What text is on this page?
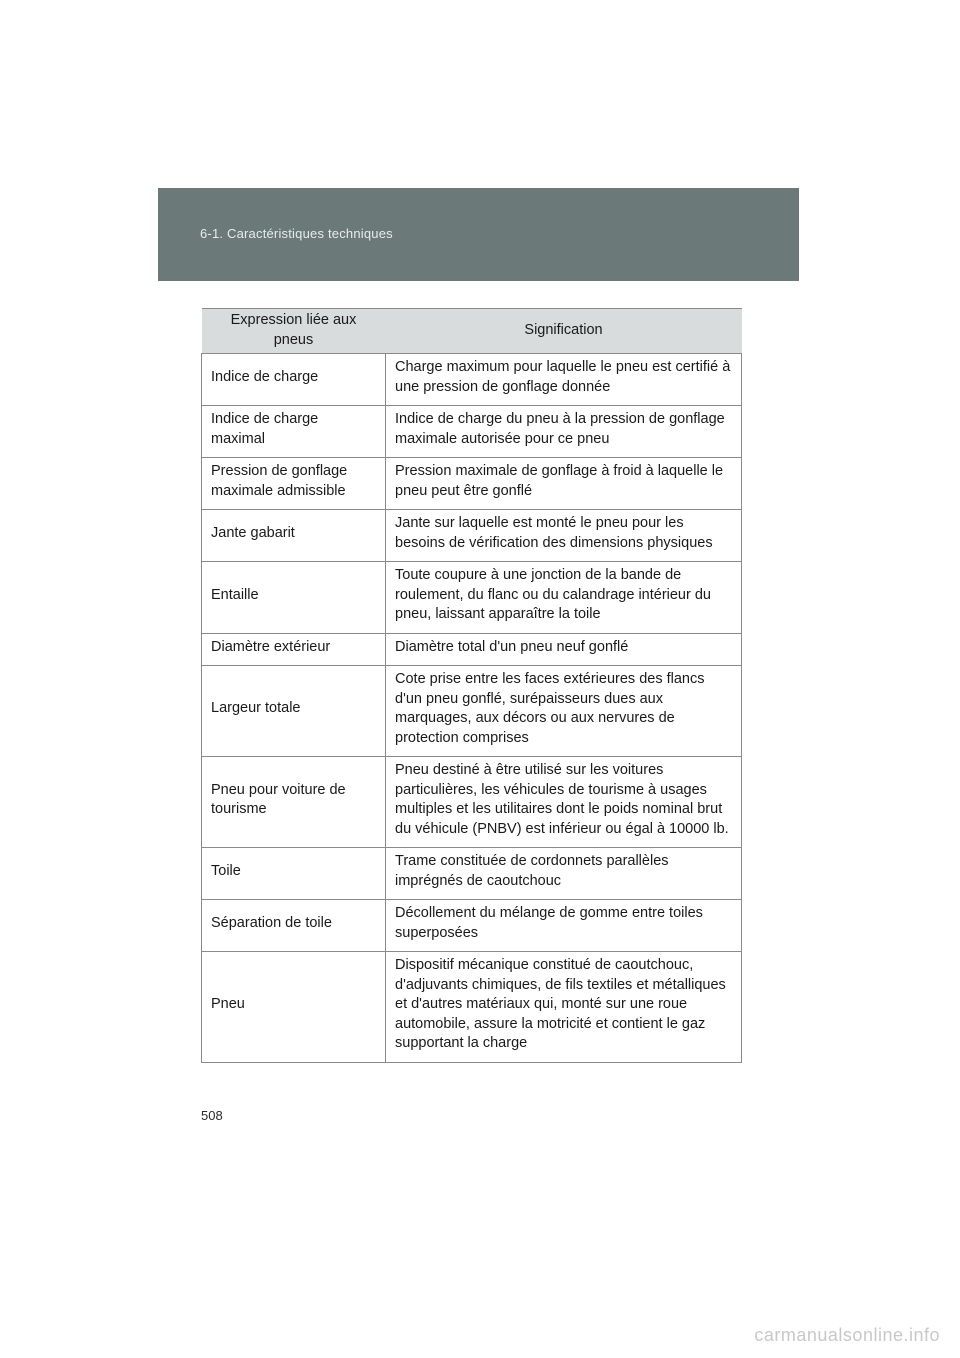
6-1. Caractéristiques techniques
Expression liée aux pneus	Signification
Indice de charge	Charge maximum pour laquelle le pneu est certifié à une pression de gonflage donnée
Indice de charge maximal	Indice de charge du pneu à la pression de gonflage maximale autorisée pour ce pneu
Pression de gonflage maximale admissible	Pression maximale de gonflage à froid à laquelle le pneu peut être gonflé
Jante gabarit	Jante sur laquelle est monté le pneu pour les besoins de vérification des dimensions physiques
Entaille	Toute coupure à une jonction de la bande de roulement, du flanc ou du calandrage intérieur du pneu, laissant apparaître la toile
Diamètre extérieur	Diamètre total d'un pneu neuf gonflé
Largeur totale	Cote prise entre les faces extérieures des flancs d'un pneu gonflé, surépaisseurs dues aux marquages, aux décors ou aux nervures de protection comprises
Pneu pour voiture de tourisme	Pneu destiné à être utilisé sur les voitures particulières, les véhicules de tourisme à usages multiples et les utilitaires dont le poids nominal brut du véhicule (PNBV) est inférieur ou égal à 10000 lb.
Toile	Trame constituée de cordonnets parallèles imprégnés de caoutchouc
Séparation de toile	Décollement du mélange de gomme entre toiles superposées
Pneu	Dispositif mécanique constitué de caoutchouc, d'adjuvants chimiques, de fils textiles et métalliques et d'autres matériaux qui, monté sur une roue automobile, assure la motricité et contient le gaz supportant la charge
508
carmanualsonline.info
